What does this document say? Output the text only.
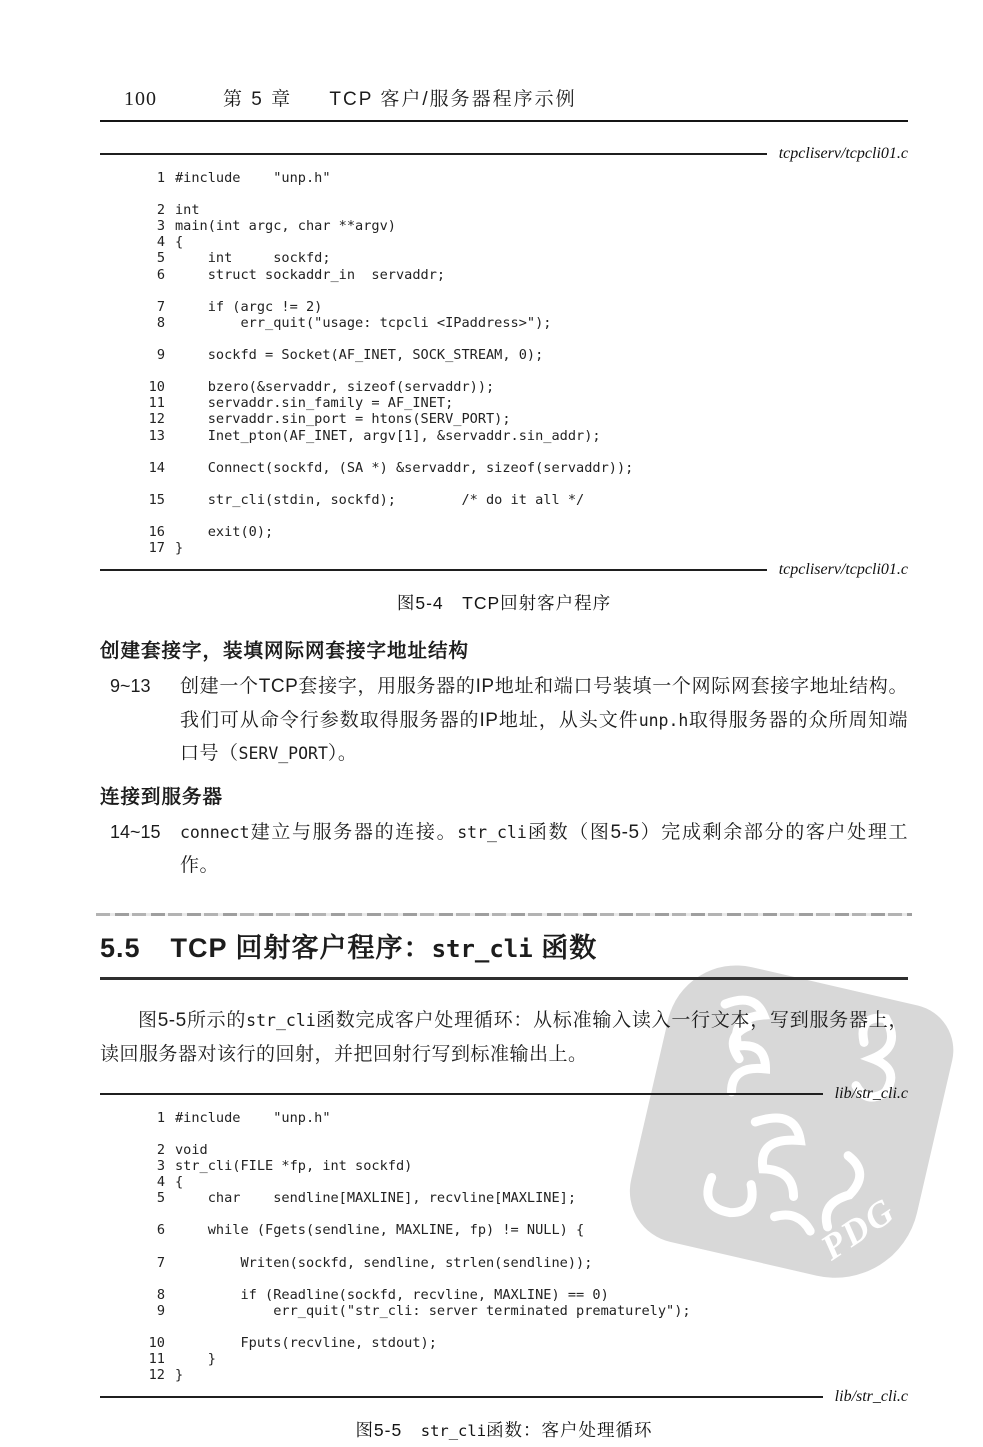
PDG
100	第 5 章 TCP 客户/服务器程序示例
tcpcliserv/tcpcli01.c
1 #include    "unp.h"
2 int
3 main(int argc, char **argv)
4 {
5    int     sockfd;
6    struct sockaddr_in  servaddr;
7    if (argc != 2)
8        err_quit("usage: tcpcli <IPaddress>");
9    sockfd = Socket(AF_INET, SOCK_STREAM, 0);
10    bzero(&servaddr, sizeof(servaddr));
11    servaddr.sin_family = AF_INET;
12    servaddr.sin_port = htons(SERV_PORT);
13    Inet_pton(AF_INET, argv[1], &servaddr.sin_addr);
14    Connect(sockfd, (SA *) &servaddr, sizeof(servaddr));
15    str_cli(stdin, sockfd);        /* do it all */
16    exit(0);
17 }
tcpcliserv/tcpcli01.c
图5-4　TCP回射客户程序
创建套接字，装填网际网套接字地址结构
9~13	创建一个TCP套接字，用服务器的IP地址和端口号装填一个网际网套接字地址结构。我们可从命令行参数取得服务器的IP地址，从头文件unp.h取得服务器的众所周知端口号（SERV_PORT）。
连接到服务器
14~15	connect建立与服务器的连接。str_cli函数（图5-5）完成剩余部分的客户处理工作。
5.5 TCP 回射客户程序：str_cli 函数

图5-5所示的str_cli函数完成客户处理循环：从标准输入读入一行文本，写到服务器上，读回服务器对该行的回射，并把回射行写到标准输出上。

lib/str_cli.c
1 #include    "unp.h"
2 void
3 str_cli(FILE *fp, int sockfd)
4 {
5    char    sendline[MAXLINE], recvline[MAXLINE];
6    while (Fgets(sendline, MAXLINE, fp) != NULL) {
7        Writen(sockfd, sendline, strlen(sendline));
8        if (Readline(sockfd, recvline, MAXLINE) == 0)
9            err_quit("str_cli: server terminated prematurely");
10        Fputs(recvline, stdout);
11    }
12 }
lib/str_cli.c
图5-5　str_cli函数：客户处理循环
